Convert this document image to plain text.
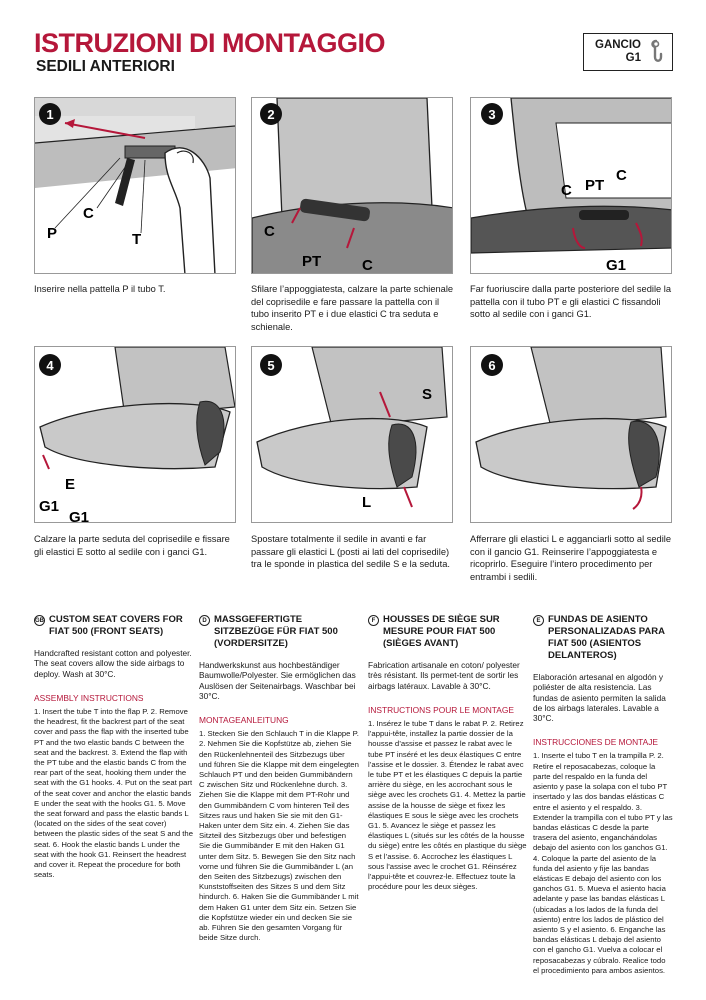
ISTRUZIONI DI MONTAGGIO
SEDILI ANTERIORI
GANCIO
G1
P
C
T
1
Inserire nella pattella P il tubo T.
C
PT	C
2
Sfilare l’appoggiatesta, calzare la parte schienale del coprisedile e fare passare la pattella con il tubo inserito PT e i due elastici C tra seduta e schienale.
C PT
C
G1
3
Far fuoriuscire dalla parte posteriore del sedile la pattella con il tubo PT e gli elastici C fissandoli sotto al sedile con i ganci G1.
E
G1
G1
4
Calzare la parte seduta del coprisedile e fissare gli elastici E sotto al sedile con i ganci G1.
S
L
5
Spostare totalmente il sedile in avanti e far passare gli elastici L (posti ai lati del coprisedile) tra le sponde in plastica del sedile S e la seduta.
6
Afferrare gli elastici L e agganciarli sotto al sedile con il gancio G1. Reinserire l’appoggiatesta e ricoprirlo. Eseguire l’intero procedimento per entrambi i sedili.
GB CUSTOM SEAT COVERS FOR FIAT 500 (FRONT SEATS)
Handcrafted resistant cotton and polyester. The seat covers allow the side airbags to deploy. Wash at 30°C.
ASSEMBLY INSTRUCTIONS
1. Insert the tube T into the flap P. 2. Remove the headrest, fit the backrest part of the seat cover and pass the flap with the inserted tube PT and the two elastic bands C between the seat and the backrest. 3. Extend the flap with the PT tube and the elastic bands C from the rear part of the seat, hooking them under the seat with the G1 hooks. 4. Put on the seat part of the seat cover and anchor the elastic bands E under the seat with the hooks G1. 5. Move the seat forward and pass the elastic bands L (located on the sides of the seat cover) between the plastic sides of the seat S and the seat. 6. Hook the elastic bands L under the seat with the hook G1. Reinsert the headrest and cover it. Repeat the procedure for both seats.
D MASSGEFERTIGTE SITZBEZÜGE FÜR FIAT 500 (VORDERSITZE)
Handwerkskunst aus hochbeständiger Baumwolle/Polyester. Sie ermöglichen das Auslösen der Seitenairbags. Waschbar bei 30°C.
MONTAGEANLEITUNG
1. Stecken Sie den Schlauch T in die Klappe P. 2. Nehmen Sie die Kopfstütze ab, ziehen Sie den Rückenlehnenteil des Sitzbezugs über und führen Sie die Klappe mit dem eingelegten Schlauch PT und den beiden Gummibändern C zwischen Sitz und Rückenlehne durch. 3. Ziehen Sie die Klappe mit dem PT-Rohr und den Gummibändern C vom hinteren Teil des Sitzes raus und haken Sie sie mit den G1-Haken unter dem Sitz ein. 4. Ziehen Sie das Sitzteil des Sitzbezugs über und befestigen Sie die Gummibänder E mit den Haken G1 unter dem Sitz. 5. Bewegen Sie den Sitz nach vorne und führen Sie die Gummibänder L (an den Seiten des Sitzbezugs) zwischen den Kunststoffseiten des Sitzes S und dem Sitz hindurch. 6. Haken Sie die Gummibänder L mit dem Haken G1 unter dem Sitz ein. Setzen Sie die Kopfstütze wieder ein und decken Sie sie ab. Führen Sie den gesamten Vorgang für beide Sitze durch.
F HOUSSES DE SIÈGE SUR MESURE POUR FIAT 500 (SIÈGES AVANT)
Fabrication artisanale en coton/ polyester très résistant. Ils permet-tent de sortir les airbags latéraux. Lavable à 30°C.
INSTRUCTIONS POUR LE MONTAGE
1. Insérez le tube T dans le rabat P. 2. Retirez l’appui-tête, installez la partie dossier de la housse d’assise et passez le rabat avec le tube PT inséré et les deux élastiques C entre l’assise et le dossier. 3. Étendez le rabat avec le tube PT et les élastiques C depuis la partie arrière du siège, en les accrochant sous le siège avec les crochets G1. 4. Mettez la partie assise de la housse de siège et fixez les élastiques E sous le siège avec les crochets G1. 5. Avancez le siège et passez les élastiques L (situés sur les côtés de la housse du siège) entre les côtés en plastique du siège S et l’assise. 6. Accrochez les élastiques L sous l’assise avec le crochet G1. Réinsérez l’appui-tête et couvrez-le. Effectuez toute la procédure pour les deux sièges.
E FUNDAS DE ASIENTO PERSONALIZADAS PARA FIAT 500 (ASIENTOS DELANTEROS)
Elaboración artesanal en algodón y poliéster de alta resistencia. Las fundas de asiento permiten la salida de los airbags laterales. Lavable a 30°C.
INSTRUCCIONES DE MONTAJE
1. Inserte el tubo T en la trampilla P. 2. Retire el reposacabezas, coloque la parte del respaldo en la funda del asiento y pase la solapa con el tubo PT insertado y las dos bandas elásticas C entre el asiento y el respaldo. 3. Extender la trampilla con el tubo PT y las bandas elásticas C desde la parte trasera del asiento, enganchándolas debajo del asiento con los ganchos G1. 4. Coloque la parte del asiento de la funda del asiento y fije las bandas elásticas E debajo del asiento con los ganchos G1. 5. Mueva el asiento hacia adelante y pase las bandas elásticas L (ubicadas a los lados de la funda del asiento) entre los lados de plástico del asiento S y el asiento. 6. Enganche las bandas elásticas L debajo del asiento con el gancho G1. Vuelva a colocar el reposacabezas y cúbralo. Realice todo el procedimiento para ambos asientos.
